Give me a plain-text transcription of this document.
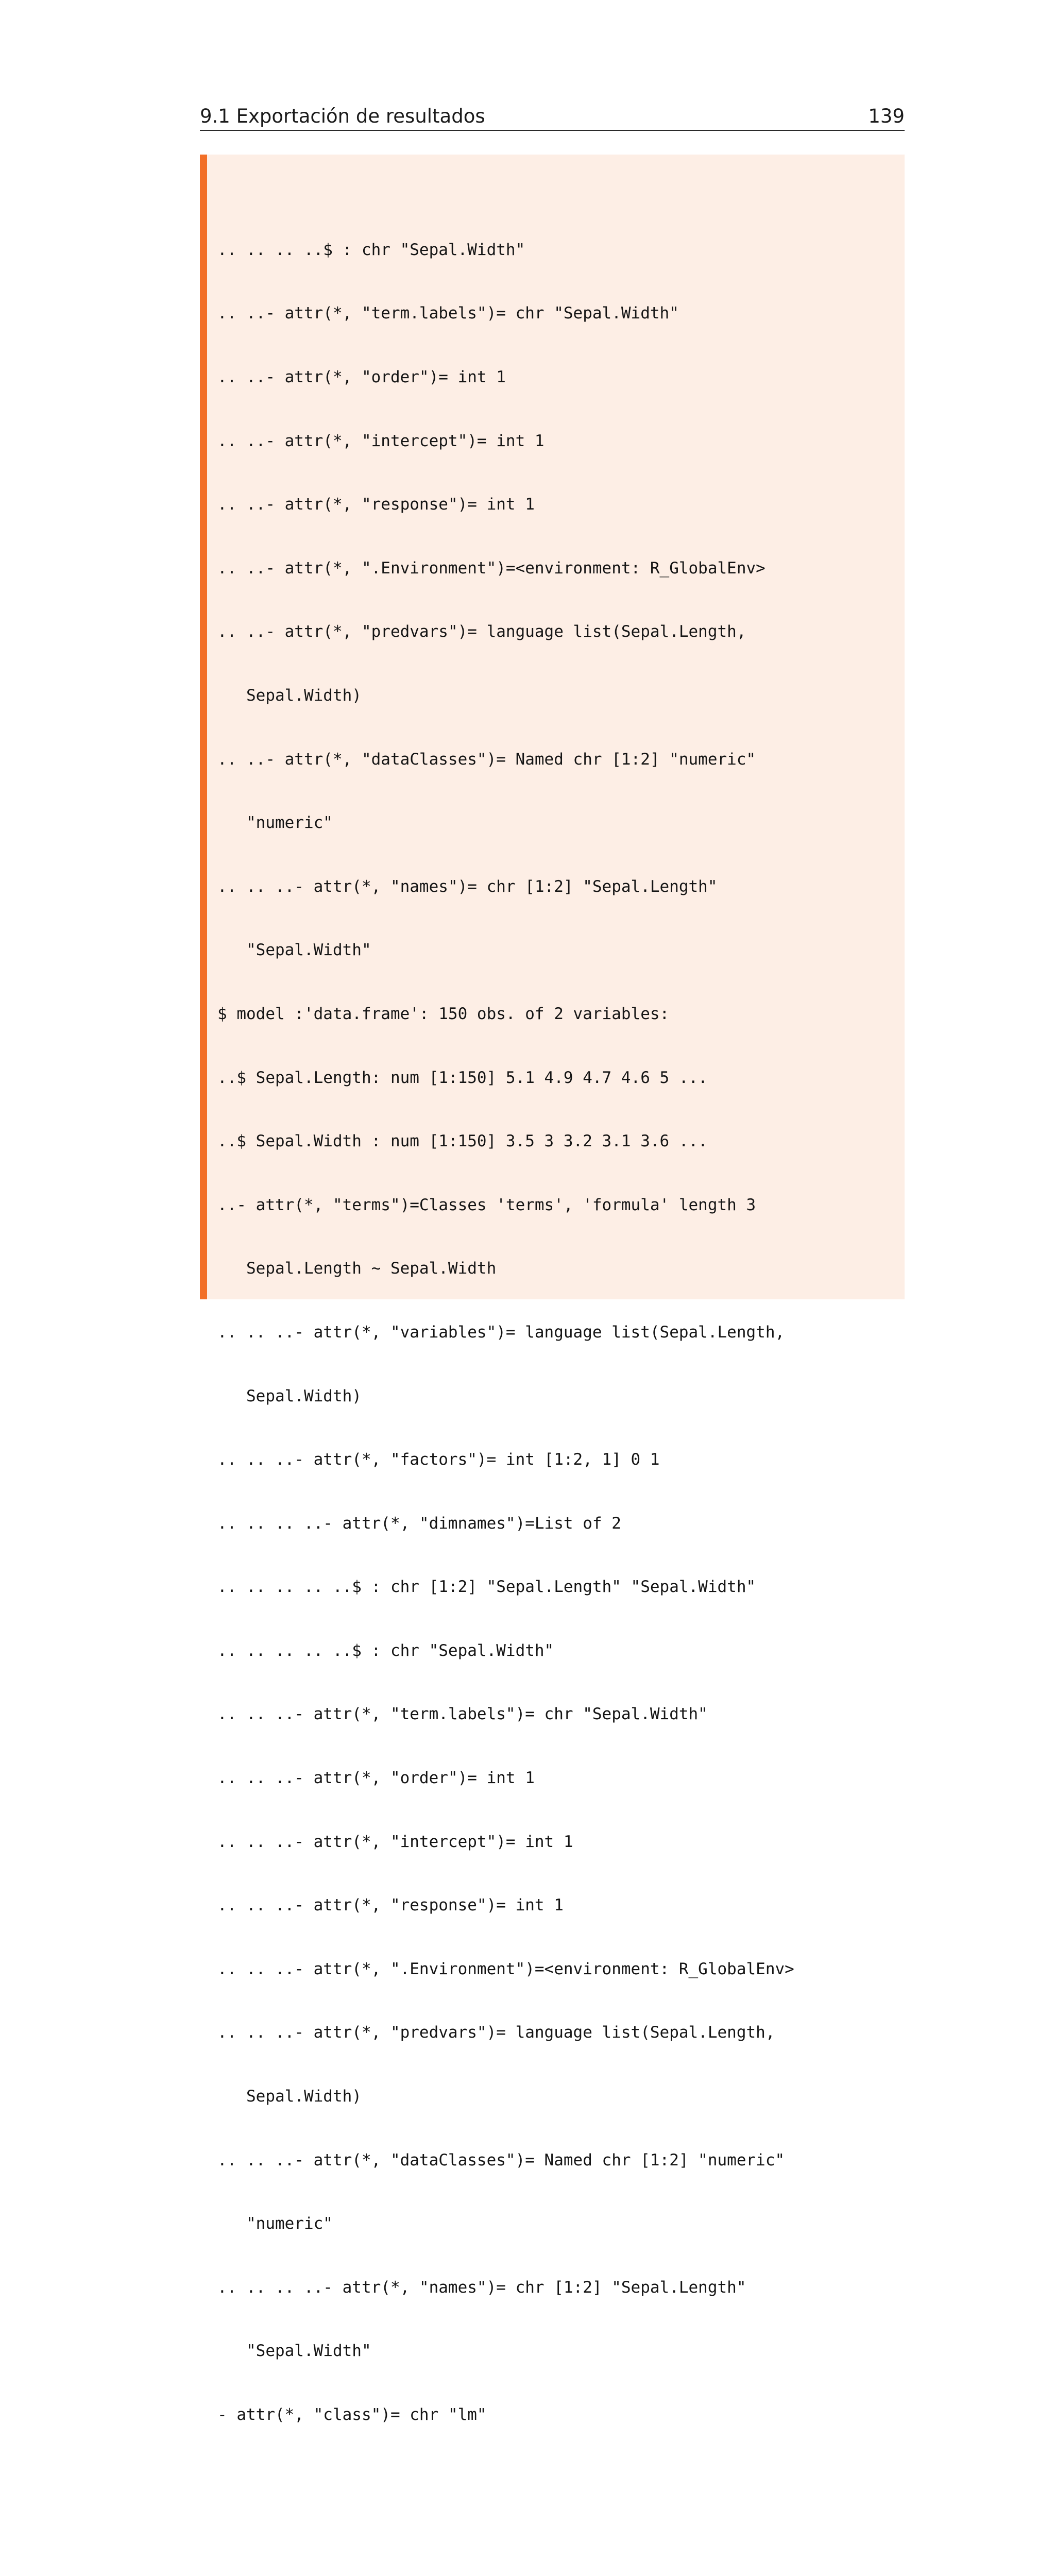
9.1 Exportación de resultados	139

.. .. .. ..$ : chr "Sepal.Width"

.. ..- attr(*, "term.labels")= chr "Sepal.Width"

.. ..- attr(*, "order")= int 1

.. ..- attr(*, "intercept")= int 1

.. ..- attr(*, "response")= int 1

.. ..- attr(*, ".Environment")=<environment: R_GlobalEnv>

.. ..- attr(*, "predvars")= language list(Sepal.Length,

Sepal.Width)

.. ..- attr(*, "dataClasses")= Named chr [1:2] "numeric"

"numeric"

.. .. ..- attr(*, "names")= chr [1:2] "Sepal.Length"

"Sepal.Width"

$ model :'data.frame': 150 obs. of 2 variables:

..$ Sepal.Length: num [1:150] 5.1 4.9 4.7 4.6 5 ...

..$ Sepal.Width : num [1:150] 3.5 3 3.2 3.1 3.6 ...

..- attr(*, "terms")=Classes 'terms', 'formula' length 3

Sepal.Length ~ Sepal.Width

.. .. ..- attr(*, "variables")= language list(Sepal.Length,

Sepal.Width)

.. .. ..- attr(*, "factors")= int [1:2, 1] 0 1

.. .. .. ..- attr(*, "dimnames")=List of 2

.. .. .. .. ..$ : chr [1:2] "Sepal.Length" "Sepal.Width"

.. .. .. .. ..$ : chr "Sepal.Width"

.. .. ..- attr(*, "term.labels")= chr "Sepal.Width"

.. .. ..- attr(*, "order")= int 1

.. .. ..- attr(*, "intercept")= int 1

.. .. ..- attr(*, "response")= int 1

.. .. ..- attr(*, ".Environment")=<environment: R_GlobalEnv>

.. .. ..- attr(*, "predvars")= language list(Sepal.Length,

Sepal.Width)

.. .. ..- attr(*, "dataClasses")= Named chr [1:2] "numeric"

"numeric"

.. .. .. ..- attr(*, "names")= chr [1:2] "Sepal.Length"

"Sepal.Width"

- attr(*, "class")= chr "lm"
